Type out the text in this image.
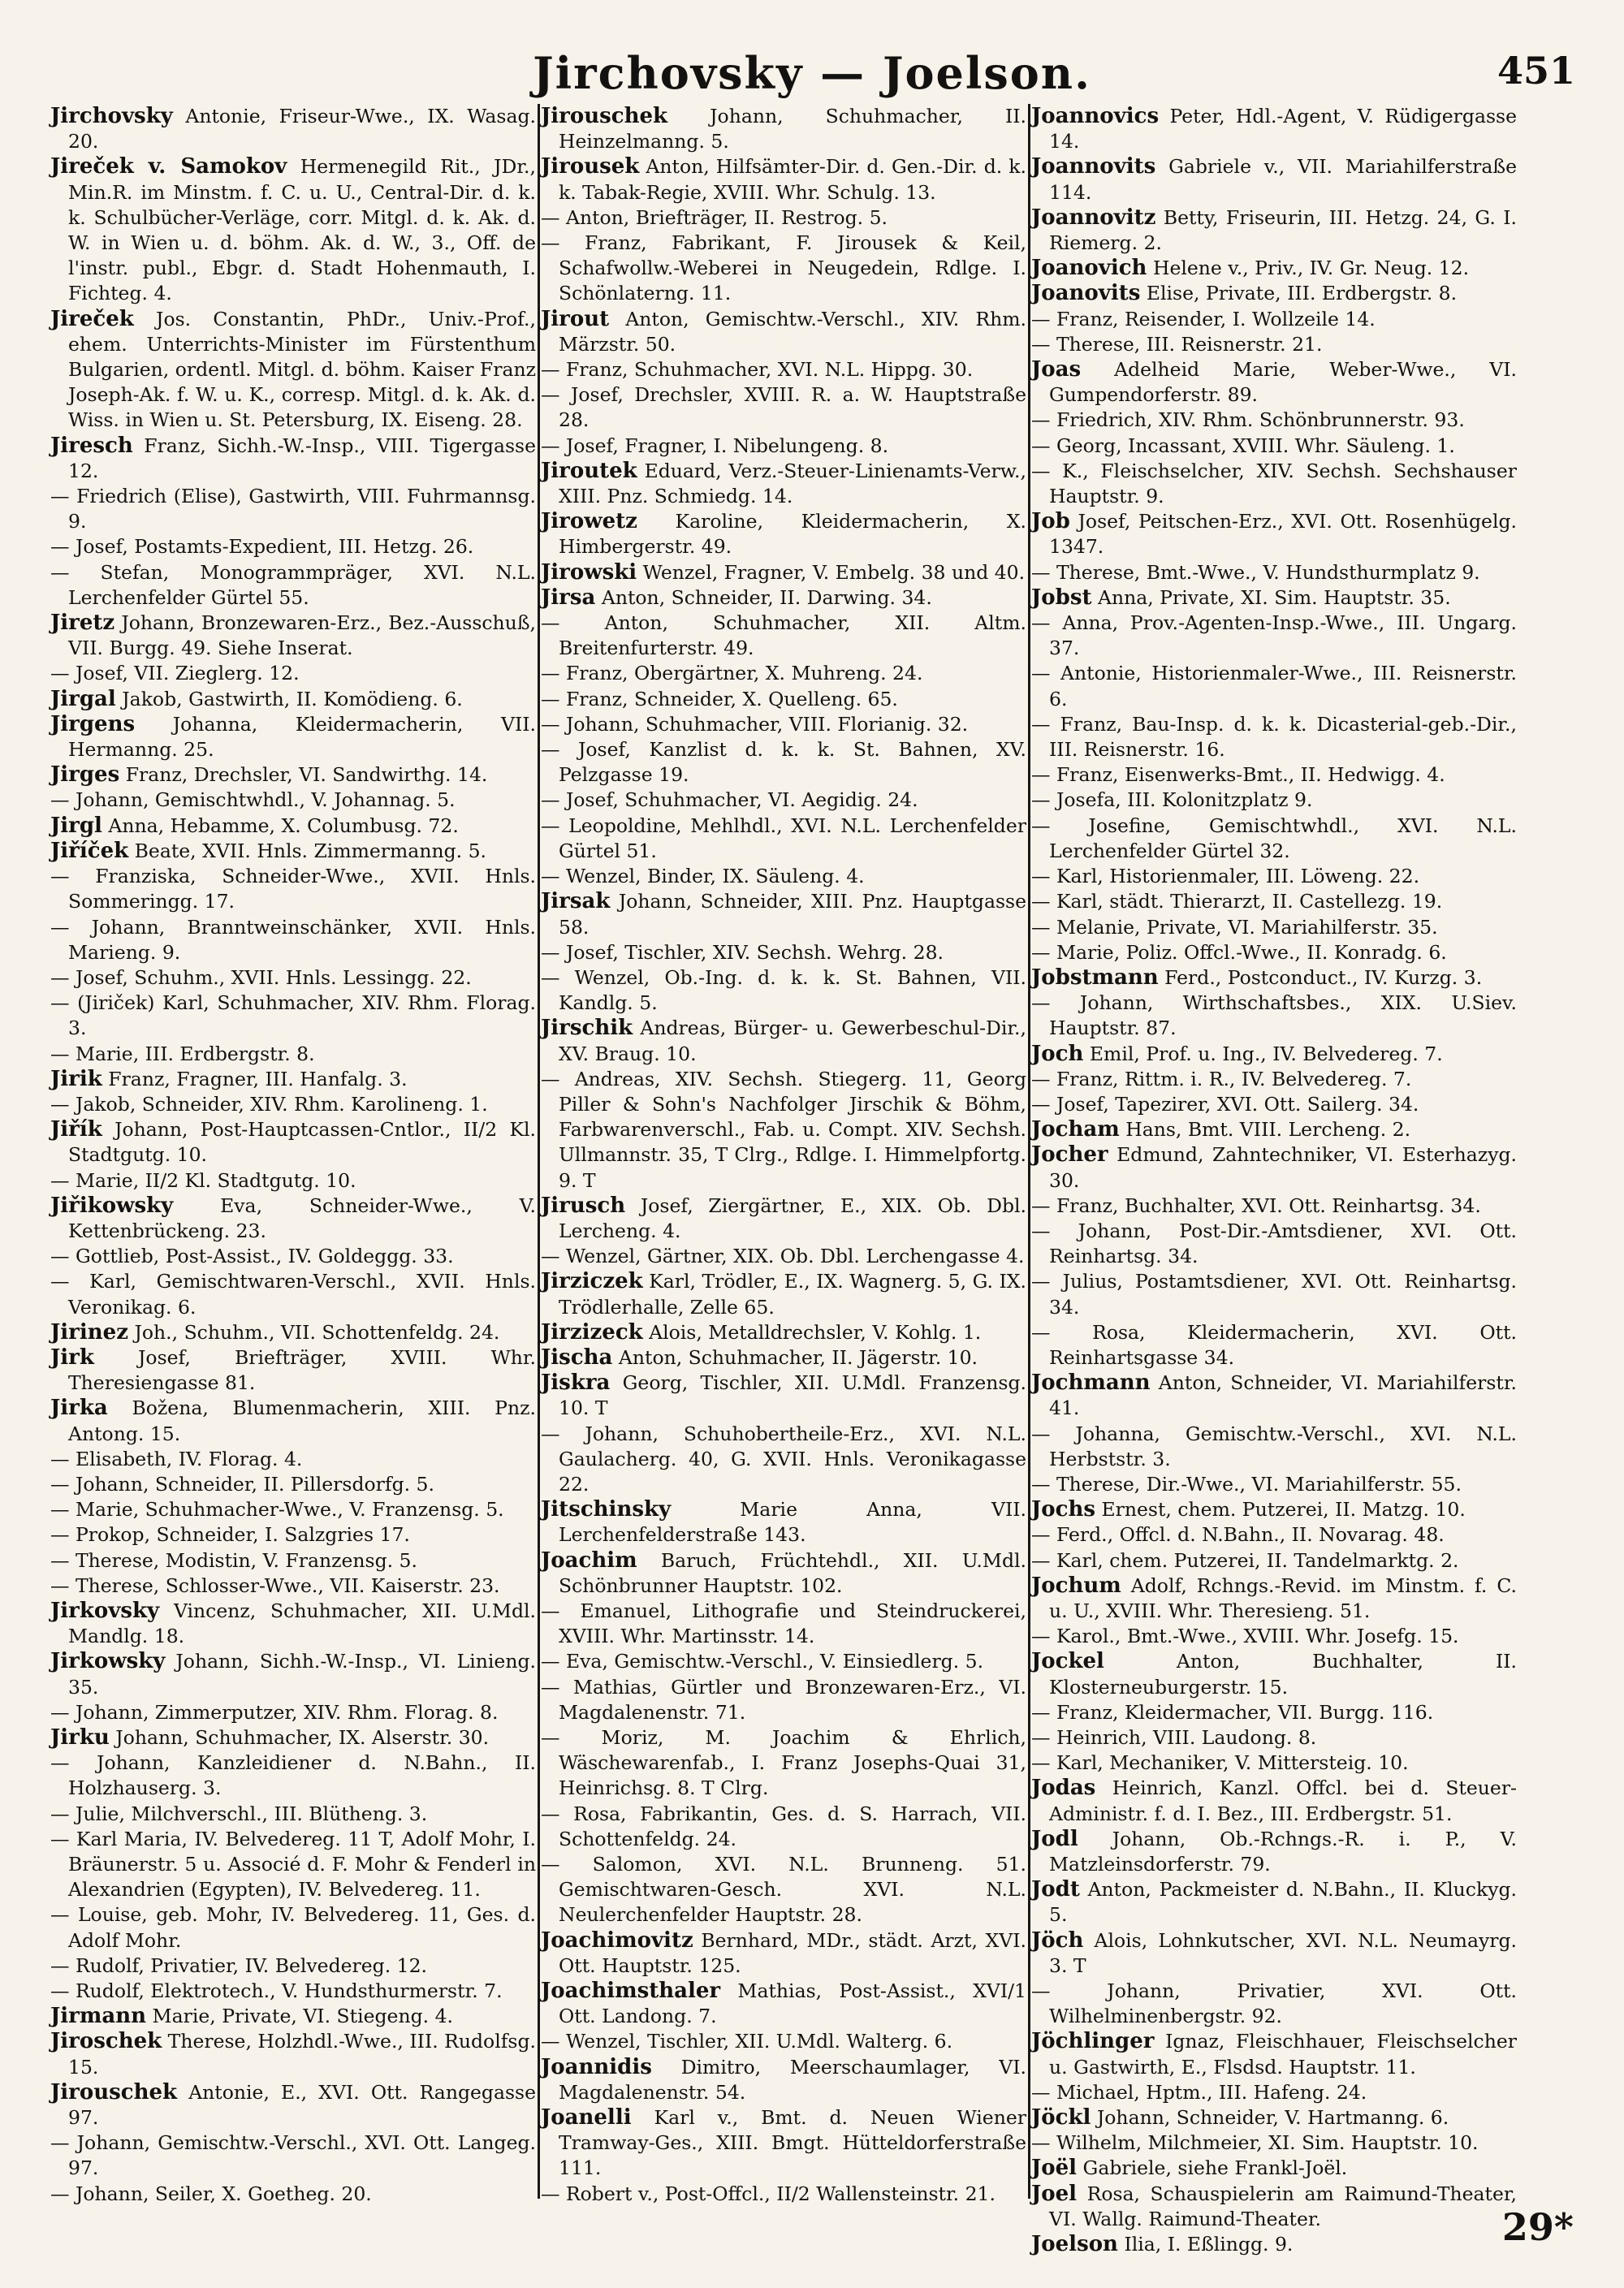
Jirchovsky — Joelson.	451
Jirchovsky Antonie, Friseur-Wwe., IX. Wasag. 20.
Jireček v. Samokov Hermenegild Rit., JDr., Min.R. im Minstm. f. C. u. U., Central-Dir. d. k. k. Schulbücher-Verläge, corr. Mitgl. d. k. Ak. d. W. in Wien u. d. böhm. Ak. d. W., 3., Off. de l'instr. publ., Ebgr. d. Stadt Hohenmauth, I. Fichteg. 4.
Jireček Jos. Constantin, PhDr., Univ.-Prof., ehem. Unterrichts-Minister im Fürstenthum Bulgarien, ordentl. Mitgl. d. böhm. Kaiser Franz Joseph-Ak. f. W. u. K., corresp. Mitgl. d. k. Ak. d. Wiss. in Wien u. St. Petersburg, IX. Eiseng. 28.
Jiresch Franz, Sichh.-W.-Insp., VIII. Tigergasse 12.
— Friedrich (Elise), Gastwirth, VIII. Fuhrmannsg. 9.
— Josef, Postamts-Expedient, III. Hetzg. 26.
— Stefan, Monogrammpräger, XVI. N.L. Lerchenfelder Gürtel 55.
Jiretz Johann, Bronzewaren-Erz., Bez.-Ausschuß, VII. Burgg. 49. Siehe Inserat.
— Josef, VII. Zieglerg. 12.
Jirgal Jakob, Gastwirth, II. Komödieng. 6.
Jirgens Johanna, Kleidermacherin, VII. Hermanng. 25.
Jirges Franz, Drechsler, VI. Sandwirthg. 14.
— Johann, Gemischtwhdl., V. Johannag. 5.
Jirgl Anna, Hebamme, X. Columbusg. 72.
Jiříček Beate, XVII. Hnls. Zimmermanng. 5.
— Franziska, Schneider-Wwe., XVII. Hnls. Sommeringg. 17.
— Johann, Branntweinschänker, XVII. Hnls. Marieng. 9.
— Josef, Schuhm., XVII. Hnls. Lessingg. 22.
— (Jiriček) Karl, Schuhmacher, XIV. Rhm. Florag. 3.
— Marie, III. Erdbergstr. 8.
Jirik Franz, Fragner, III. Hanfalg. 3.
— Jakob, Schneider, XIV. Rhm. Karolineng. 1.
Jiřík Johann, Post-Hauptcassen-Cntlor., II/2 Kl. Stadtgutg. 10.
— Marie, II/2 Kl. Stadtgutg. 10.
Jiřikowsky Eva, Schneider-Wwe., V. Kettenbrückeng. 23.
— Gottlieb, Post-Assist., IV. Goldeggg. 33.
— Karl, Gemischtwaren-Verschl., XVII. Hnls. Veronikag. 6.
Jirinez Joh., Schuhm., VII. Schottenfeldg. 24.
Jirk Josef, Briefträger, XVIII. Whr. Theresiengasse 81.
Jirka Božena, Blumenmacherin, XIII. Pnz. Antong. 15.
— Elisabeth, IV. Florag. 4.
— Johann, Schneider, II. Pillersdorfg. 5.
— Marie, Schuhmacher-Wwe., V. Franzensg. 5.
— Prokop, Schneider, I. Salzgries 17.
— Therese, Modistin, V. Franzensg. 5.
— Therese, Schlosser-Wwe., VII. Kaiserstr. 23.
Jirkovsky Vincenz, Schuhmacher, XII. U.Mdl. Mandlg. 18.
Jirkowsky Johann, Sichh.-W.-Insp., VI. Linieng. 35.
— Johann, Zimmerputzer, XIV. Rhm. Florag. 8.
Jirku Johann, Schuhmacher, IX. Alserstr. 30.
— Johann, Kanzleidiener d. N.Bahn., II. Holzhauserg. 3.
— Julie, Milchverschl., III. Blütheng. 3.
— Karl Maria, IV. Belvedereg. 11 T, Adolf Mohr, I. Bräunerstr. 5 u. Associé d. F. Mohr & Fenderl in Alexandrien (Egypten), IV. Belvedereg. 11.
— Louise, geb. Mohr, IV. Belvedereg. 11, Ges. d. Adolf Mohr.
— Rudolf, Privatier, IV. Belvedereg. 12.
— Rudolf, Elektrotech., V. Hundsthurmerstr. 7.
Jirmann Marie, Private, VI. Stiegeng. 4.
Jiroschek Therese, Holzhdl.-Wwe., III. Rudolfsg. 15.
Jirouschek Antonie, E., XVI. Ott. Rangegasse 97.
— Johann, Gemischtw.-Verschl., XVI. Ott. Langeg. 97.
— Johann, Seiler, X. Goetheg. 20.
Jirouschek Johann, Schuhmacher, II. Heinzelmanng. 5.
Jirousek Anton, Hilfsämter-Dir. d. Gen.-Dir. d. k. k. Tabak-Regie, XVIII. Whr. Schulg. 13.
— Anton, Briefträger, II. Restrog. 5.
— Franz, Fabrikant, F. Jirousek & Keil, Schafwollw.-Weberei in Neugedein, Rdlge. I. Schönlaterng. 11.
Jirout Anton, Gemischtw.-Verschl., XIV. Rhm. Märzstr. 50.
— Franz, Schuhmacher, XVI. N.L. Hippg. 30.
— Josef, Drechsler, XVIII. R. a. W. Hauptstraße 28.
— Josef, Fragner, I. Nibelungeng. 8.
Jiroutek Eduard, Verz.-Steuer-Linienamts-Verw., XIII. Pnz. Schmiedg. 14.
Jirowetz Karoline, Kleidermacherin, X. Himbergerstr. 49.
Jirowski Wenzel, Fragner, V. Embelg. 38 und 40.
Jirsa Anton, Schneider, II. Darwing. 34.
— Anton, Schuhmacher, XII. Altm. Breitenfurterstr. 49.
— Franz, Obergärtner, X. Muhreng. 24.
— Franz, Schneider, X. Quelleng. 65.
— Johann, Schuhmacher, VIII. Florianig. 32.
— Josef, Kanzlist d. k. k. St. Bahnen, XV. Pelzgasse 19.
— Josef, Schuhmacher, VI. Aegidig. 24.
— Leopoldine, Mehlhdl., XVI. N.L. Lerchenfelder Gürtel 51.
— Wenzel, Binder, IX. Säuleng. 4.
Jirsak Johann, Schneider, XIII. Pnz. Hauptgasse 58.
— Josef, Tischler, XIV. Sechsh. Wehrg. 28.
— Wenzel, Ob.-Ing. d. k. k. St. Bahnen, VII. Kandlg. 5.
Jirschik Andreas, Bürger- u. Gewerbeschul-Dir., XV. Braug. 10.
— Andreas, XIV. Sechsh. Stiegerg. 11, Georg Piller & Sohn's Nachfolger Jirschik & Böhm, Farbwarenverschl., Fab. u. Compt. XIV. Sechsh. Ullmannstr. 35, T Clrg., Rdlge. I. Himmelpfortg. 9. T
Jirusch Josef, Ziergärtner, E., XIX. Ob. Dbl. Lercheng. 4.
— Wenzel, Gärtner, XIX. Ob. Dbl. Lerchengasse 4.
Jirziczek Karl, Trödler, E., IX. Wagnerg. 5, G. IX. Trödlerhalle, Zelle 65.
Jirzizeck Alois, Metalldrechsler, V. Kohlg. 1.
Jischa Anton, Schuhmacher, II. Jägerstr. 10.
Jiskra Georg, Tischler, XII. U.Mdl. Franzensg. 10. T
— Johann, Schuhobertheile-Erz., XVI. N.L. Gaulacherg. 40, G. XVII. Hnls. Veronikagasse 22.
Jitschinsky	Marie Anna, VII. Lerchenfelderstraße 143.
Joachim Baruch, Früchtehdl., XII. U.Mdl. Schönbrunner Hauptstr. 102.
— Emanuel, Lithografie und Steindruckerei, XVIII. Whr. Martinsstr. 14.
— Eva, Gemischtw.-Verschl., V. Einsiedlerg. 5.
— Mathias, Gürtler und Bronzewaren-Erz., VI. Magdalenenstr. 71.
— Moriz, M. Joachim & Ehrlich, Wäschewarenfab., I. Franz Josephs-Quai 31, Heinrichsg. 8. T Clrg.
— Rosa, Fabrikantin, Ges. d. S. Harrach, VII. Schottenfeldg. 24.
— Salomon, XVI. N.L. Brunneng. 51. Gemischtwaren-Gesch. XVI. N.L. Neulerchenfelder Hauptstr. 28.
Joachimovitz Bernhard, MDr., städt. Arzt, XVI. Ott. Hauptstr. 125.
Joachimsthaler Mathias, Post-Assist., XVI/1 Ott. Landong. 7.
— Wenzel, Tischler, XII. U.Mdl. Walterg. 6.
Joannidis Dimitro, Meerschaumlager, VI. Magdalenenstr. 54.
Joanelli Karl v., Bmt. d. Neuen Wiener Tramway-Ges., XIII. Bmgt. Hütteldorferstraße 111.
— Robert v., Post-Offcl., II/2 Wallensteinstr. 21.
Joannovics Peter, Hdl.-Agent, V. Rüdigergasse 14.
Joannovits Gabriele v., VII. Mariahilferstraße 114.
Joannovitz Betty, Friseurin, III. Hetzg. 24, G. I. Riemerg. 2.
Joanovich Helene v., Priv., IV. Gr. Neug. 12.
Joanovits Elise, Private, III. Erdbergstr. 8.
— Franz, Reisender, I. Wollzeile 14.
— Therese, III. Reisnerstr. 21.
Joas Adelheid Marie, Weber-Wwe., VI. Gumpendorferstr. 89.
— Friedrich, XIV. Rhm. Schönbrunnerstr. 93.
— Georg, Incassant, XVIII. Whr. Säuleng. 1.
— K., Fleischselcher, XIV. Sechsh. Sechshauser Hauptstr. 9.
Job Josef, Peitschen-Erz., XVI. Ott. Rosenhügelg. 1347.
— Therese, Bmt.-Wwe., V. Hundsthurmplatz 9.
Jobst Anna, Private, XI. Sim. Hauptstr. 35.
— Anna, Prov.-Agenten-Insp.-Wwe., III. Ungarg. 37.
— Antonie, Historienmaler-Wwe., III. Reisnerstr. 6.
— Franz, Bau-Insp. d. k. k. Dicasterial-geb.-Dir., III. Reisnerstr. 16.
— Franz, Eisenwerks-Bmt., II. Hedwigg. 4.
— Josefa, III. Kolonitzplatz 9.
— Josefine, Gemischtwhdl., XVI. N.L. Lerchenfelder Gürtel 32.
— Karl, Historienmaler, III. Löweng. 22.
— Karl, städt. Thierarzt, II. Castellezg. 19.
— Melanie, Private, VI. Mariahilferstr. 35.
— Marie, Poliz. Offcl.-Wwe., II. Konradg. 6.
Jobstmann Ferd., Postconduct., IV. Kurzg. 3.
— Johann, Wirthschaftsbes., XIX. U.Siev. Hauptstr. 87.
Joch Emil, Prof. u. Ing., IV. Belvedereg. 7.
— Franz, Rittm. i. R., IV. Belvedereg. 7.
— Josef, Tapezirer, XVI. Ott. Sailerg. 34.
Jocham Hans, Bmt. VIII. Lercheng. 2.
Jocher Edmund, Zahntechniker, VI. Esterhazyg. 30.
— Franz, Buchhalter, XVI. Ott. Reinhartsg. 34.
— Johann, Post-Dir.-Amtsdiener, XVI. Ott. Reinhartsg. 34.
— Julius, Postamtsdiener, XVI. Ott. Reinhartsg. 34.
— Rosa, Kleidermacherin, XVI. Ott. Reinhartsgasse 34.
Jochmann Anton, Schneider, VI. Mariahilferstr. 41.
— Johanna, Gemischtw.-Verschl., XVI. N.L. Herbststr. 3.
— Therese, Dir.-Wwe., VI. Mariahilferstr. 55.
Jochs Ernest, chem. Putzerei, II. Matzg. 10.
— Ferd., Offcl. d. N.Bahn., II. Novarag. 48.
— Karl, chem. Putzerei, II. Tandelmarktg. 2.
Jochum Adolf, Rchngs.-Revid. im Minstm. f. C. u. U., XVIII. Whr. Theresieng. 51.
— Karol., Bmt.-Wwe., XVIII. Whr. Josefg. 15.
Jockel	Anton, Buchhalter, II. Klosterneuburgerstr. 15.
— Franz, Kleidermacher, VII. Burgg. 116.
— Heinrich, VIII. Laudong. 8.
— Karl, Mechaniker, V. Mittersteig. 10.
Jodas Heinrich, Kanzl. Offcl. bei d. Steuer-Administr. f. d. I. Bez., III. Erdbergstr. 51.
Jodl Johann, Ob.-Rchngs.-R. i. P., V. Matzleinsdorferstr. 79.
Jodt Anton, Packmeister d. N.Bahn., II. Kluckyg. 5.
Jöch Alois, Lohnkutscher, XVI. N.L. Neumayrg. 3. T
— Johann, Privatier, XVI. Ott. Wilhelminenbergstr. 92.
Jöchlinger Ignaz, Fleischhauer, Fleischselcher u. Gastwirth, E., Flsdsd. Hauptstr. 11.
— Michael, Hptm., III. Hafeng. 24.
Jöckl Johann, Schneider, V. Hartmanng. 6.
— Wilhelm, Milchmeier, XI. Sim. Hauptstr. 10.
Joël Gabriele, siehe Frankl-Joël.
Joel Rosa, Schauspielerin am Raimund-Theater, VI. Wallg. Raimund-Theater.
Joelson Ilia, I. Eßlingg. 9.	29*
